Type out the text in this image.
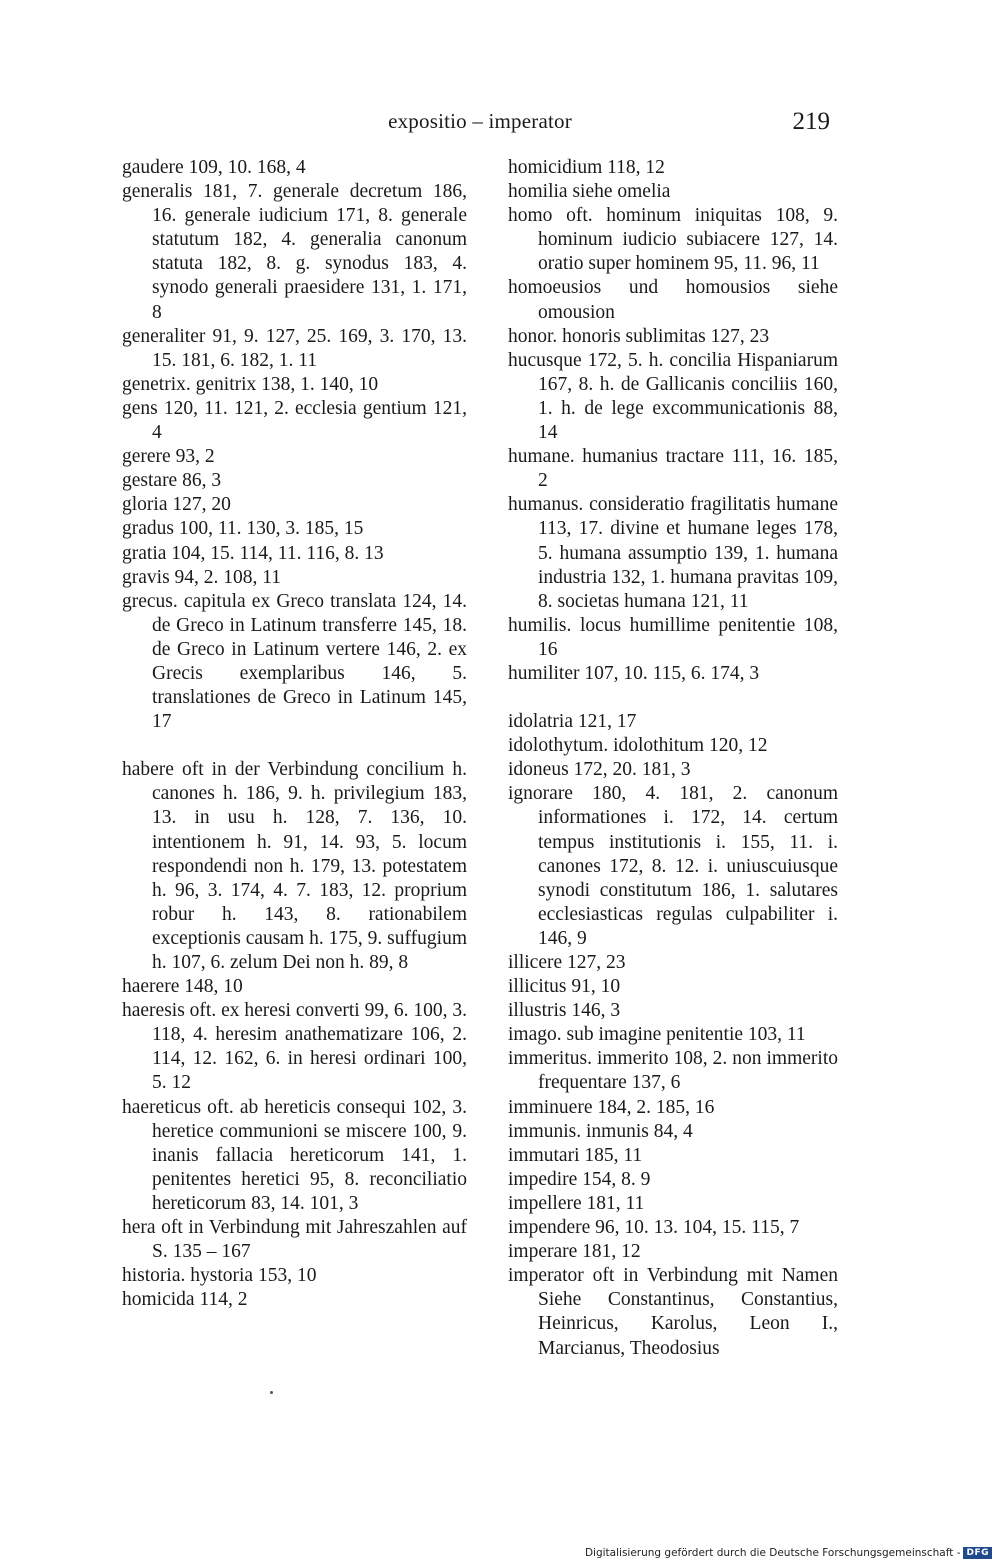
expositio – imperator	219
gaudere 109, 10. 168, 4
generalis 181, 7. generale decretum 186, 16. generale iudicium 171, 8. generale statutum 182, 4. generalia canonum statuta 182, 8. g. synodus 183, 4. synodo generali praesidere 131, 1. 171, 8
generaliter 91, 9. 127, 25. 169, 3. 170, 13. 15. 181, 6. 182, 1. 11
genetrix. genitrix 138, 1. 140, 10
gens 120, 11. 121, 2. ecclesia gentium 121, 4
gerere 93, 2
gestare 86, 3
gloria 127, 20
gradus 100, 11. 130, 3. 185, 15
gratia 104, 15. 114, 11. 116, 8. 13
gravis 94, 2. 108, 11
grecus. capitula ex Greco translata 124, 14. de Greco in Latinum transferre 145, 18. de Greco in Latinum vertere 146, 2. ex Grecis exemplaribus 146, 5. translationes de Greco in Latinum 145, 17
habere oft in der Verbindung concilium h. canones h. 186, 9. h. privilegium 183, 13. in usu h. 128, 7. 136, 10. intentionem h. 91, 14. 93, 5. locum respondendi non h. 179, 13. potestatem h. 96, 3. 174, 4. 7. 183, 12. proprium robur h. 143, 8. rationabilem exceptionis causam h. 175, 9. suffugium h. 107, 6. zelum Dei non h. 89, 8
haerere 148, 10
haeresis oft. ex heresi converti 99, 6. 100, 3. 118, 4. heresim anathematizare 106, 2. 114, 12. 162, 6. in heresi ordinari 100, 5. 12
haereticus oft. ab hereticis consequi 102, 3. heretice communioni se miscere 100, 9. inanis fallacia hereticorum 141, 1. penitentes heretici 95, 8. reconciliatio hereticorum 83, 14. 101, 3
hera oft in Verbindung mit Jahreszahlen auf S. 135 – 167
historia. hystoria 153, 10
homicida 114, 2
homicidium 118, 12
homilia siehe omelia
homo oft. hominum iniquitas 108, 9. hominum iudicio subiacere 127, 14. oratio super hominem 95, 11. 96, 11
homoeusios und homousios siehe omousion
honor. honoris sublimitas 127, 23
hucusque 172, 5. h. concilia Hispaniarum 167, 8. h. de Gallicanis conciliis 160, 1. h. de lege excommunicationis 88, 14
humane. humanius tractare 111, 16. 185, 2
humanus. consideratio fragilitatis humane 113, 17. divine et humane leges 178, 5. humana assumptio 139, 1. humana industria 132, 1. humana pravitas 109, 8. societas humana 121, 11
humilis. locus humillime penitentie 108, 16
humiliter 107, 10. 115, 6. 174, 3
idolatria 121, 17
idolothytum. idolothitum 120, 12
idoneus 172, 20. 181, 3
ignorare 180, 4. 181, 2. canonum informationes i. 172, 14. certum tempus institutionis i. 155, 11. i. canones 172, 8. 12. i. uniuscuiusque synodi constitutum 186, 1. salutares ecclesiasticas regulas culpabiliter i. 146, 9
illicere 127, 23
illicitus 91, 10
illustris 146, 3
imago. sub imagine penitentie 103, 11
immeritus. immerito 108, 2. non immerito frequentare 137, 6
imminuere 184, 2. 185, 16
immunis. inmunis 84, 4
immutari 185, 11
impedire 154, 8. 9
impellere 181, 11
impendere 96, 10. 13. 104, 15. 115, 7
imperare 181, 12
imperator oft in Verbindung mit Namen Siehe Constantinus, Constantius, Heinricus, Karolus, Leon I., Marcianus, Theodosius
Digitalisierung gefördert durch die Deutsche Forschungsgemeinschaft - DFG
